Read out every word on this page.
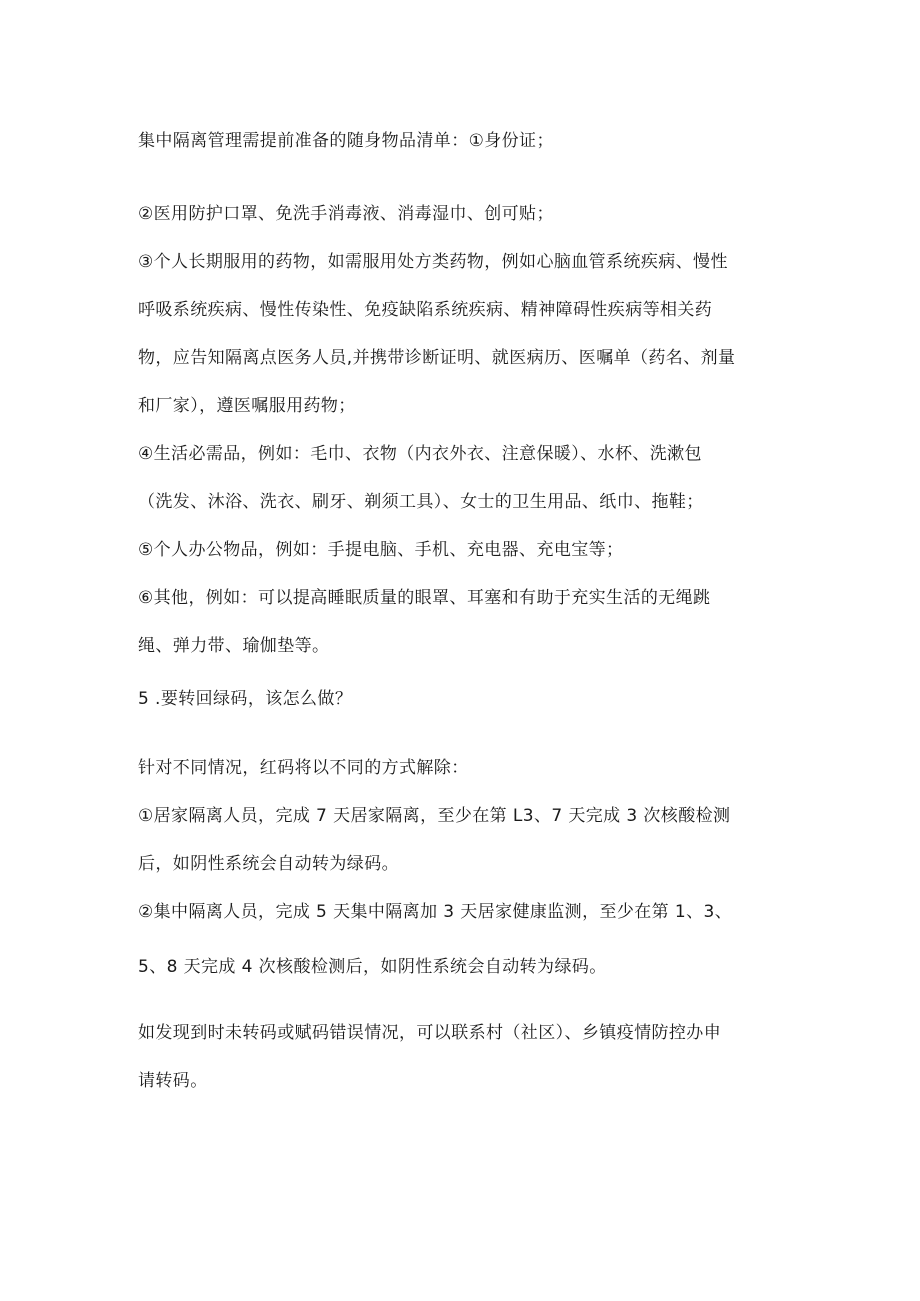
集中隔离管理需提前准备的随身物品清单：①身份证；
②医用防护口罩、免洗手消毒液、消毒湿巾、创可贴；
③个人长期服用的药物，如需服用处方类药物，例如心脑血管系统疾病、慢性
呼吸系统疾病、慢性传染性、免疫缺陷系统疾病、精神障碍性疾病等相关药
物，应告知隔离点医务人员,并携带诊断证明、就医病历、医嘱单（药名、剂量
和厂家），遵医嘱服用药物；
④生活必需品，例如：毛巾、衣物（内衣外衣、注意保暖）、水杯、洗漱包
（洗发、沐浴、洗衣、刷牙、剃须工具）、女士的卫生用品、纸巾、拖鞋；
⑤个人办公物品，例如：手提电脑、手机、充电器、充电宝等；
⑥其他，例如：可以提高睡眠质量的眼罩、耳塞和有助于充实生活的无绳跳
绳、弹力带、瑜伽垫等。
5 .要转回绿码，该怎么做？
针对不同情况，红码将以不同的方式解除：
①居家隔离人员，完成 7 天居家隔离，至少在第 L3、7 天完成 3 次核酸检测
后，如阴性系统会自动转为绿码。
②集中隔离人员，完成 5 天集中隔离加 3 天居家健康监测，至少在第 1、3、
5、8 天完成 4 次核酸检测后，如阴性系统会自动转为绿码。
如发现到时未转码或赋码错误情况，可以联系村（社区）、乡镇疫情防控办申
请转码。
